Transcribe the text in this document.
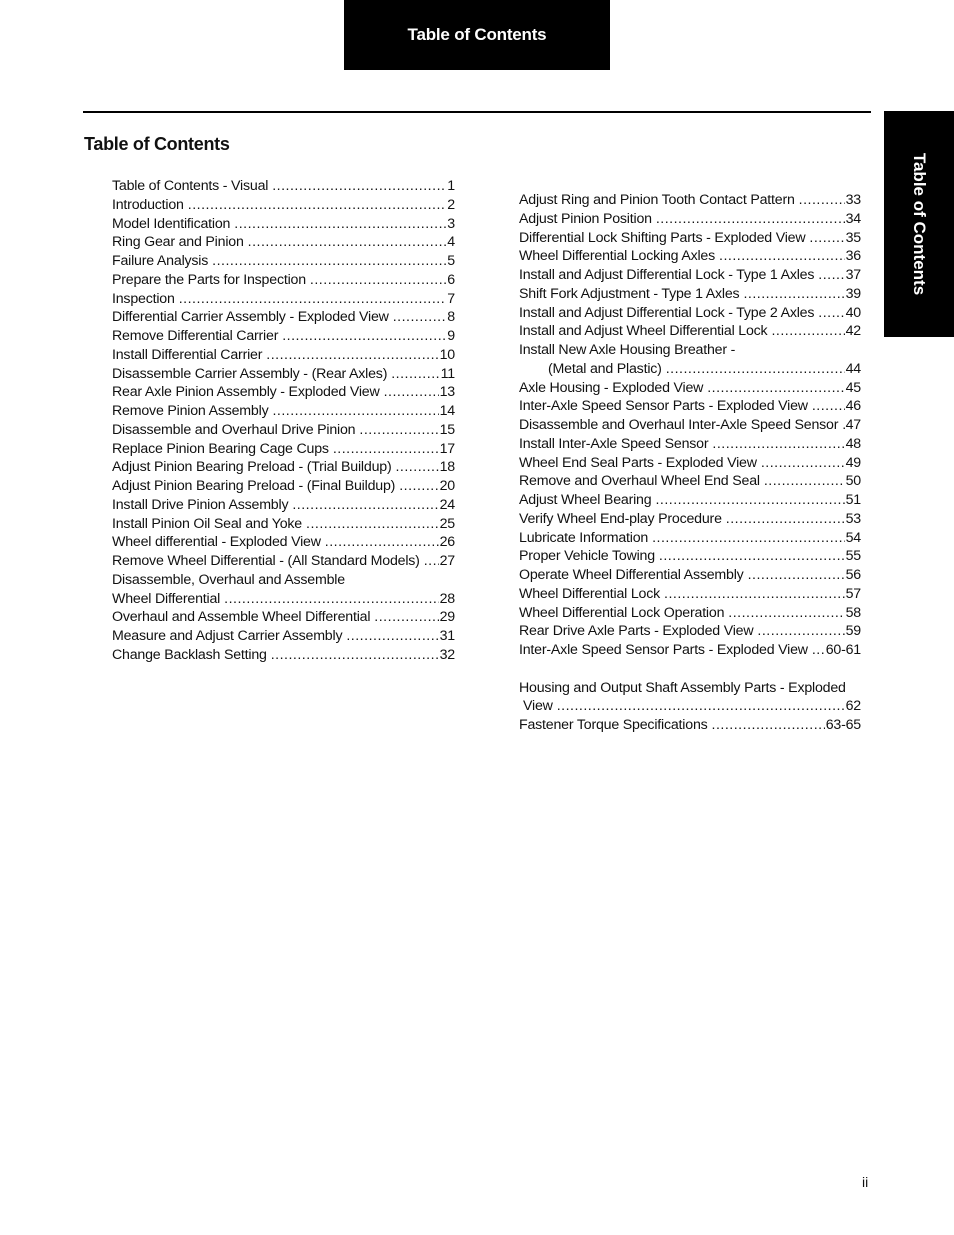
Table of Contents
Table of Contents
Table of Contents
Table of Contents - Visual .....	1
Introduction .....	2
Model Identification .....	3
Ring Gear and Pinion .....	4
Failure Analysis .....	5
Prepare the Parts for Inspection .....	6
Inspection .....	7
Differential Carrier Assembly - Exploded View .....	8
Remove Differential Carrier .....	9
Install Differential Carrier .....	10
Disassemble Carrier Assembly - (Rear Axles) .....	11
Rear Axle Pinion Assembly - Exploded View .....	13
Remove Pinion Assembly .....	14
Disassemble and Overhaul Drive Pinion .....	15
Replace Pinion Bearing Cage Cups .....	17
Adjust Pinion Bearing Preload - (Trial Buildup) .....	18
Adjust Pinion Bearing Preload - (Final Buildup) .....	20
Install Drive Pinion Assembly .....	24
Install Pinion Oil Seal and Yoke .....	25
Wheel differential - Exploded View .....	26
Remove Wheel Differential - (All Standard Models) ..... 27
Disassemble, Overhaul and Assemble
Wheel Differential .....	28
Overhaul and Assemble Wheel Differential .....	29
Measure and Adjust Carrier Assembly .....	31
Change Backlash Setting .....	32
Adjust Ring and Pinion Tooth Contact Pattern .....	33
Adjust Pinion Position .....	34
Differential Lock Shifting Parts - Exploded View .....	35
Wheel Differential Locking Axles .....	36
Install and Adjust Differential Lock - Type 1 Axles ..... 37
Shift Fork Adjustment - Type 1 Axles .....	39
Install and Adjust Differential Lock - Type 2 Axles ..... 40
Install and Adjust Wheel Differential Lock .....	42
Install New Axle Housing Breather -
(Metal and Plastic) .....	44
Axle Housing - Exploded View .....	45
Inter-Axle Speed Sensor Parts - Exploded View .....	46
Disassemble and Overhaul Inter-Axle Speed Sensor ..... 47
Install Inter-Axle Speed Sensor .....	48
Wheel End Seal Parts - Exploded View .....	49
Remove and Overhaul Wheel End Seal .....	50
Adjust Wheel Bearing .....	51
Verify Wheel End-play Procedure .....	53
Lubricate Information .....	54
Proper Vehicle Towing .....	55
Operate Wheel Differential Assembly .....	56
Wheel Differential Lock .....	57
Wheel Differential Lock Operation .....	58
Rear Drive Axle Parts - Exploded View .....	59
Inter-Axle Speed Sensor Parts - Exploded View ..... 60-61
Housing and Output Shaft Assembly Parts - Exploded
View .....	62
Fastener Torque Specifications .....	63-65
ii
